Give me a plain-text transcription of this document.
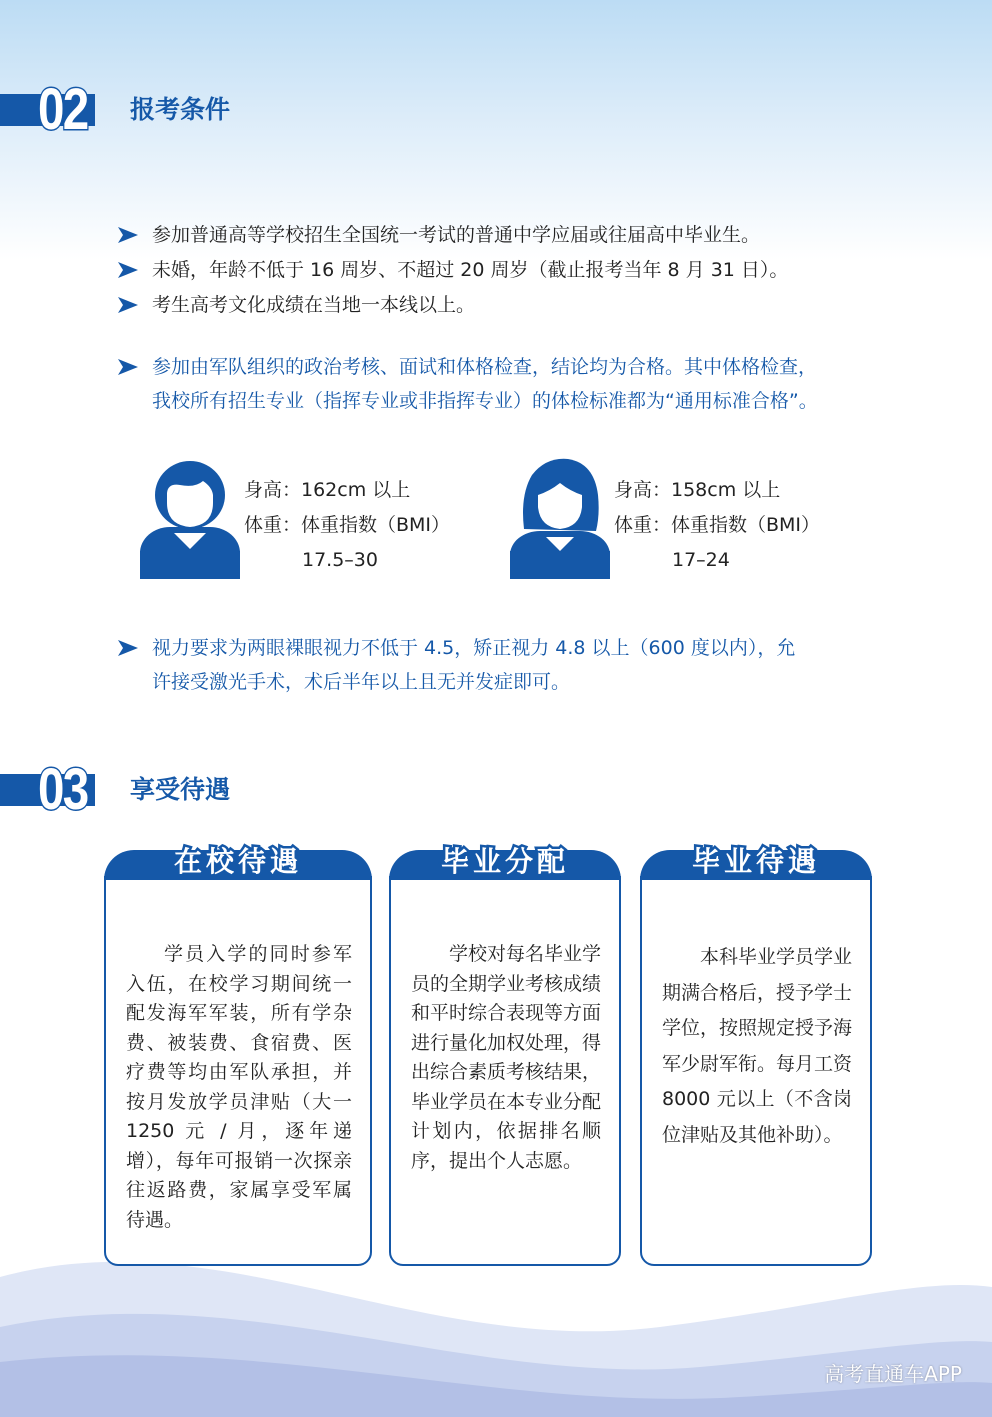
02 报考条件
参加普通高等学校招生全国统一考试的普通中学应届或往届高中毕业生。
未婚，年龄不低于 16 周岁、不超过 20 周岁（截止报考当年 8 月 31 日）。
考生高考文化成绩在当地一本线以上。
参加由军队组织的政治考核、面试和体格检查，结论均为合格。其中体格检查，
我校所有招生专业（指挥专业或非指挥专业）的体检标准都为“通用标准合格”。
身高：162cm 以上
体重：体重指数（BMI）
17.5–30
身高：158cm 以上
体重：体重指数（BMI）
17–24
视力要求为两眼裸眼视力不低于 4.5，矫正视力 4.8 以上（600 度以内），允
许接受激光手术，术后半年以上且无并发症即可。
03 享受待遇
在校待遇
学员入学的同时参军入伍，在校学习期间统一配发海军军装，所有学杂费、被装费、食宿费、医疗费等均由军队承担，并按月发放学员津贴（大一 1250 元 / 月，逐年递增），每年可报销一次探亲往返路费，家属享受军属待遇。
毕业分配
学校对每名毕业学员的全期学业考核成绩和平时综合表现等方面进行量化加权处理，得出综合素质考核结果，毕业学员在本专业分配计划内，依据排名顺序，提出个人志愿。
毕业待遇
本科毕业学员学业期满合格后，授予学士学位，按照规定授予海军少尉军衔。每月工资 8000 元以上（不含岗位津贴及其他补助）。
高考直通车APP
